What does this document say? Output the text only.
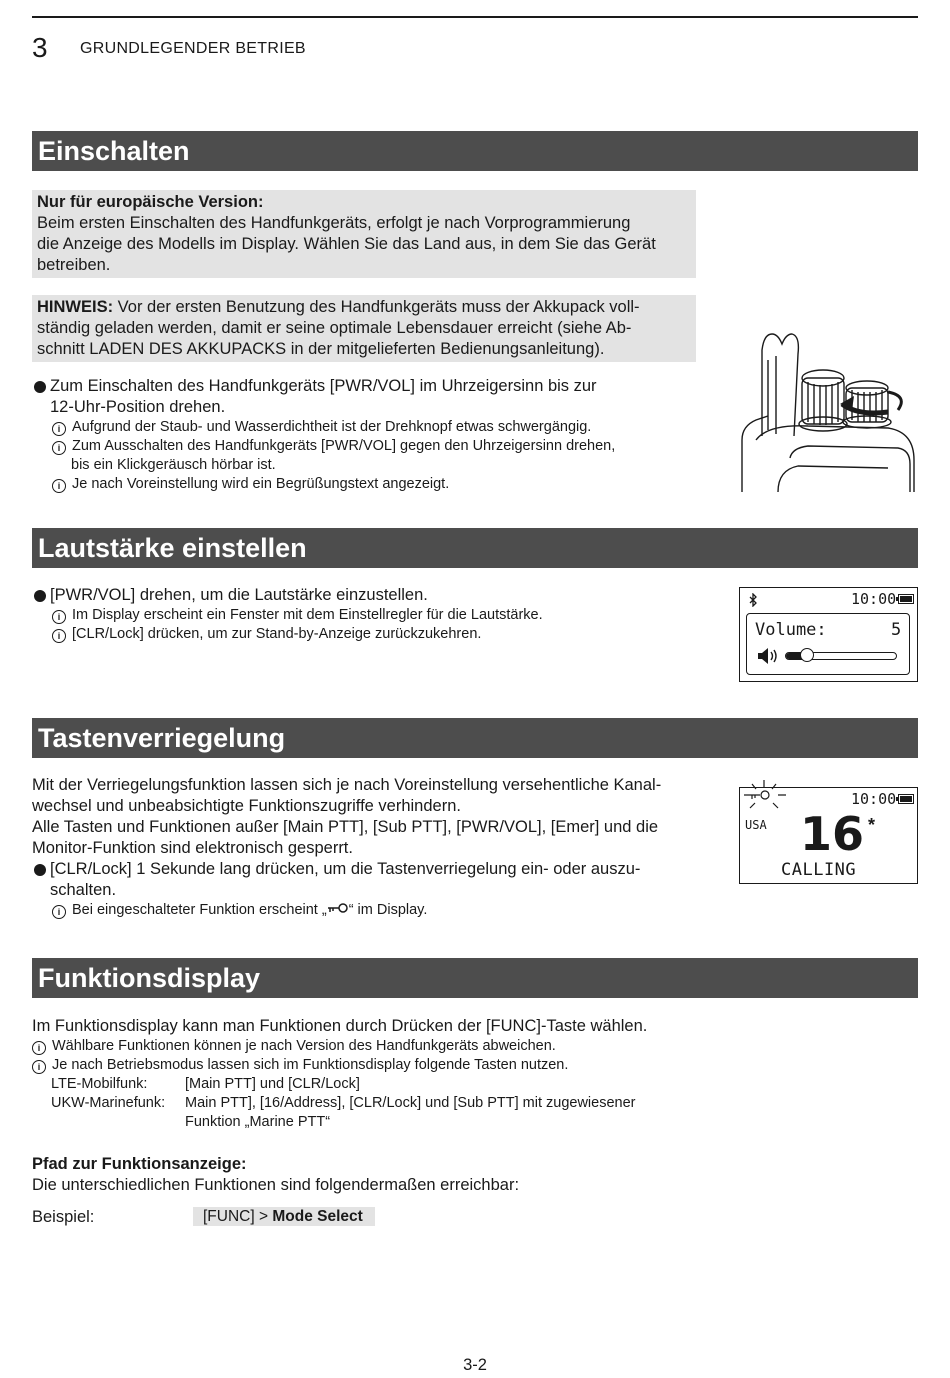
3 GRUNDLEGENDER BETRIEB
Einschalten
Nur für europäische Version:
Beim ersten Einschalten des Handfunkgeräts, erfolgt je nach Vorprogrammierung
die Anzeige des Modells im Display. Wählen Sie das Land aus, in dem Sie das Gerät
betreiben.
HINWEIS: Vor der ersten Benutzung des Handfunkgeräts muss der Akkupack voll-
ständig geladen werden, damit er seine optimale Lebensdauer erreicht (siehe Ab-
schnitt LADEN DES AKKUPACKS in der mitgelieferten Bedienungsanleitung).
Zum Einschalten des Handfunkgeräts [PWR/VOL] im Uhrzeigersinn bis zur
12-Uhr-Position drehen.
i Aufgrund der Staub- und Wasserdichtheit ist der Drehknopf etwas schwergängig.
i Zum Ausschalten des Handfunkgeräts [PWR/VOL] gegen den Uhrzeigersinn drehen,
bis ein Klickgeräusch hörbar ist.
i Je nach Voreinstellung wird ein Begrüßungstext angezeigt.
Lautstärke einstellen
[PWR/VOL] drehen, um die Lautstärke einzustellen.
i Im Display erscheint ein Fenster mit dem Einstellregler für die Lautstärke.
i [CLR/Lock] drücken, um zur Stand-by-Anzeige zurückzukehren.
10:00
Volume:	5
Tastenverriegelung
Mit der Verriegelungsfunktion lassen sich je nach Voreinstellung versehentliche Kanal-
wechsel und unbeabsichtigte Funktionszugriffe verhindern.
Alle Tasten und Funktionen außer [Main PTT], [Sub PTT], [PWR/VOL], [Emer] und die
Monitor-Funktion sind elektronisch gesperrt.
[CLR/Lock] 1 Sekunde lang drücken, um die Tastenverriegelung ein- oder auszu-
schalten.
i Bei eingeschalteter Funktion erscheint „ “ im Display.
10:00
USA 16 *
CALLING
Funktionsdisplay
Im Funktionsdisplay kann man Funktionen durch Drücken der [FUNC]-Taste wählen.
i Wählbare Funktionen können je nach Version des Handfunkgeräts abweichen.
i Je nach Betriebsmodus lassen sich im Funktionsdisplay folgende Tasten nutzen.
LTE-Mobilfunk:	[Main PTT] und [CLR/Lock]
UKW-Marinefunk:	Main PTT], [16/Address], [CLR/Lock] und [Sub PTT] mit zugewiesener
Funktion „Marine PTT“
Pfad zur Funktionsanzeige:
Die unterschiedlichen Funktionen sind folgendermaßen erreichbar:
Beispiel:	[FUNC] > Mode Select
3-2
